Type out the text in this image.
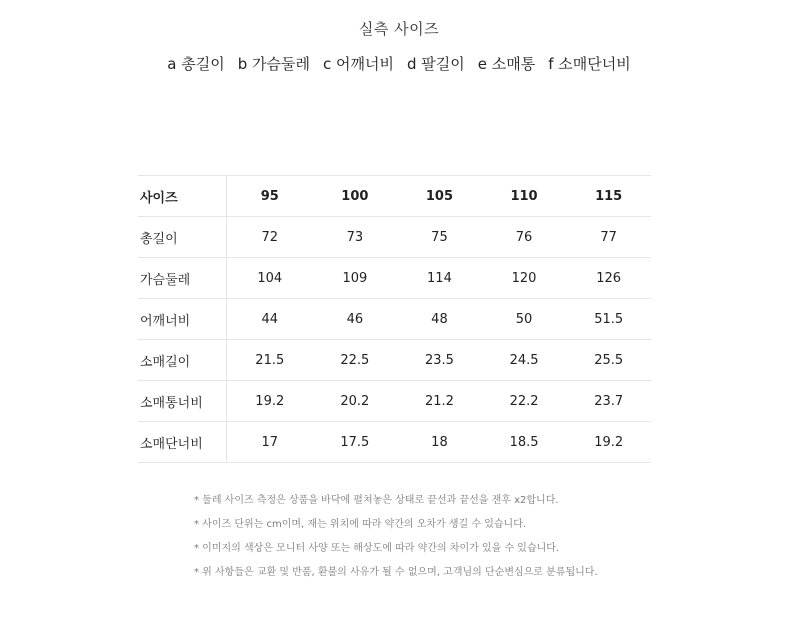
실측 사이즈
a 총길이 b 가슴둘레 c 어깨너비 d 팔길이 e 소매통 f 소매단너비
사이즈	95	100	105	110	115
총길이	72	73	75	76	77
가슴둘레	104	109	114	120	126
어깨너비	44	46	48	50	51.5
소매길이	21.5	22.5	23.5	24.5	25.5
소매통너비	19.2	20.2	21.2	22.2	23.7
소매단너비	17	17.5	18	18.5	19.2
* 둘레 사이즈 측정은 상품을 바닥에 펼쳐놓은 상태로 끝선과 끝선을 잰후 x2합니다.
* 사이즈 단위는 cm이며, 재는 위치에 따라 약간의 오차가 생길 수 있습니다.
* 이미지의 색상은 모니터 사양 또는 해상도에 따라 약간의 차이가 있을 수 있습니다.
* 위 사항들은 교환 및 반품, 환불의 사유가 될 수 없으며, 고객님의 단순변심으로 분류됩니다.
